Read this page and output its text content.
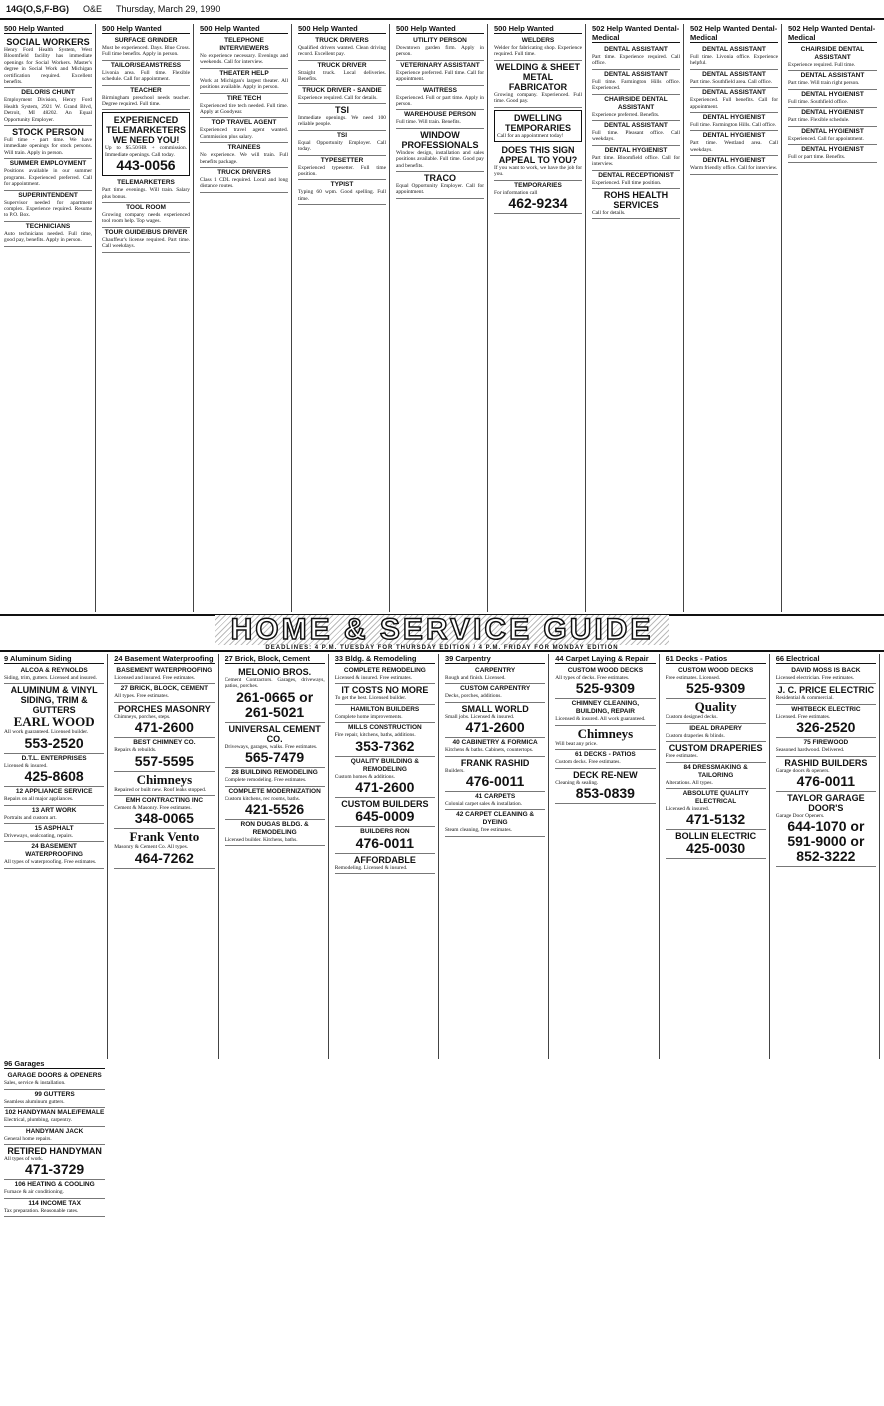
14G(O,S,F-BG) O&E Thursday, March 29, 1990
500 Help Wanted
SOCIAL WORKERS
Henry Ford Health System, West Bloomfield facility has immediate openings for Social Workers. Master's degree in Social Work and Michigan certification required. Excellent benefits.
DELORIS CHUNT
Employment Division, Henry Ford Health System, 2921 W. Grand Blvd, Detroit, MI 48202. An Equal Opportunity Employer.
STOCK PERSON
Full time - part time. We have immediate openings for stock persons. Will train. Apply in person.
SUMMER EMPLOYMENT
Positions available in our summer programs. Experienced preferred. Call for appointment.
SUPERINTENDENT
Supervisor needed for apartment complex. Experience required. Resume to P.O. Box.
TECHNICIANS
Auto technicians needed. Full time, good pay, benefits. Apply in person.
500 Help Wanted
SURFACE GRINDER
Must be experienced. Days. Blue Cross. Full time benefits. Apply in person.
TAILOR/SEAMSTRESS
Livonia area. Full time. Flexible schedule. Call for appointment.
TEACHER
Birmingham preschool needs teacher. Degree required. Full time.
EXPERIENCED TELEMARKETERS WE NEED YOU!
Up to $5.50/HR + commission. Immediate openings. Call today.
443-0056
TELEMARKETERS
Part time evenings. Will train. Salary plus bonus.
TOOL ROOM
Growing company needs experienced tool room help. Top wages.
TOUR GUIDE/BUS DRIVER
Chauffeur's license required. Part time. Call weekdays.
500 Help Wanted
TELEPHONE INTERVIEWERS
No experience necessary. Evenings and weekends. Call for interview.
THEATER HELP
Work at Michigan's largest theater. All positions available. Apply in person.
TIRE TECH
Experienced tire tech needed. Full time. Apply at Goodyear.
TOP TRAVEL AGENT
Experienced travel agent wanted. Commission plus salary.
TRAINEES
No experience. We will train. Full benefits package.
TRUCK DRIVERS
Class 1 CDL required. Local and long distance routes.
500 Help Wanted
TRUCK DRIVERS
Qualified drivers wanted. Clean driving record. Excellent pay.
TRUCK DRIVER
Straight truck. Local deliveries. Benefits.
TRUCK DRIVER - SANDIE
Experience required. Call for details.
TSI
Immediate openings. We need 100 reliable people.
TSI
Equal Opportunity Employer. Call today.
TYPESETTER
Experienced typesetter. Full time position.
TYPIST
Typing 60 wpm. Good spelling. Full time.
500 Help Wanted
UTILITY PERSON
Downtown garden firm. Apply in person.
VETERINARY ASSISTANT
Experience preferred. Full time. Call for appointment.
WAITRESS
Experienced. Full or part time. Apply in person.
WAREHOUSE PERSON
Full time. Will train. Benefits.
WINDOW PROFESSIONALS
Window design, installation and sales positions available. Full time. Good pay and benefits.
TRACO
Equal Opportunity Employer. Call for appointment.
500 Help Wanted
WELDERS
Welder for fabricating shop. Experience required. Full time.
WELDING & SHEET METAL FABRICATOR
Growing company. Experienced. Full time. Good pay.
DWELLING TEMPORARIES
Call for an appointment today!
DOES THIS SIGN APPEAL TO YOU?
If you want to work, we have the job for you.
TEMPORARIES
For information call
462-9234
502 Help Wanted Dental-Medical
DENTAL ASSISTANT
Part time. Experience required. Call office.
DENTAL ASSISTANT
Full time. Farmington Hills office. Experienced.
CHAIRSIDE DENTAL ASSISTANT
Experience preferred. Benefits.
DENTAL ASSISTANT
Full time. Pleasant office. Call weekdays.
DENTAL HYGIENIST
Part time. Bloomfield office. Call for interview.
DENTAL RECEPTIONIST
Experienced. Full time position.
ROHS HEALTH SERVICES
Call for details.
502 Help Wanted Dental-Medical
DENTAL ASSISTANT
Full time. Livonia office. Experience helpful.
DENTAL ASSISTANT
Part time. Southfield area. Call office.
DENTAL ASSISTANT
Experienced. Full benefits. Call for appointment.
DENTAL HYGIENIST
Full time. Farmington Hills. Call office.
DENTAL HYGIENIST
Part time. Westland area. Call weekdays.
DENTAL HYGIENIST
Warm friendly office. Call for interview.
502 Help Wanted Dental-Medical
CHAIRSIDE DENTAL ASSISTANT
Experience required. Full time.
DENTAL ASSISTANT
Part time. Will train right person.
DENTAL HYGIENIST
Full time. Southfield office.
DENTAL HYGIENIST
Part time. Flexible schedule.
DENTAL HYGIENIST
Experienced. Call for appointment.
DENTAL HYGIENIST
Full or part time. Benefits.
HOME & SERVICE GUIDE
DEADLINES: 4 P.M. TUESDAY FOR THURSDAY EDITION / 4 P.M. FRIDAY FOR MONDAY EDITION
9 Aluminum Siding
ALCOA & REYNOLDS
Siding, trim, gutters. Licensed and insured.
ALUMINUM & VINYL SIDING, TRIM & GUTTERS
EARL WOOD
All work guaranteed. Licensed builder.
553-2520
D.T.L. ENTERPRISES
Licensed & insured.
425-8608
12 APPLIANCE SERVICE
Repairs on all major appliances.
13 ART WORK
Portraits and custom art.
15 ASPHALT
Driveways, sealcoating, repairs.
24 BASEMENT WATERPROOFING
All types of waterproofing. Free estimates.
24 Basement Waterproofing
BASEMENT WATERPROOFING
Licensed and insured. Free estimates.
27 BRICK, BLOCK, CEMENT
All types. Free estimates.
PORCHES MASONRY
Chimneys, porches, steps.
471-2600
BEST CHIMNEY CO.
Repairs & rebuilds.
557-5595
Chimneys
Repaired or built new. Roof leaks stopped.
EMH CONTRACTING INC
Cement & Masonry. Free estimates.
348-0065
Frank Vento
Masonry & Cement Co. All types.
464-7262
27 Brick, Block, Cement
MELONIO BROS.
Cement Contractors. Garages, driveways, patios, porches.
261-0665 or 261-5021
UNIVERSAL CEMENT CO.
Driveways, garages, walks. Free estimates.
565-7479
28 BUILDING REMODELING
Complete remodeling. Free estimates.
COMPLETE MODERNIZATION
Custom kitchens, rec rooms, baths.
421-5526
RON DUGAS BLDG. & REMODELING
Licensed builder. Kitchens, baths.
33 Bldg. & Remodeling
COMPLETE REMODELING
Licensed & insured. Free estimates.
IT COSTS NO MORE
To get the best. Licensed builder.
HAMILTON BUILDERS
Complete home improvements.
MILLS CONSTRUCTION
Fire repair, kitchens, baths, additions.
353-7362
QUALITY BUILDING & REMODELING
Custom homes & additions.
471-2600
CUSTOM BUILDERS
645-0009
BUILDERS RON
476-0011
AFFORDABLE
Remodeling. Licensed & insured.
39 Carpentry
CARPENTRY
Rough and finish. Licensed.
CUSTOM CARPENTRY
Decks, porches, additions.
SMALL WORLD
Small jobs. Licensed & insured.
471-2600
40 CABINETRY & FORMICA
Kitchens & baths. Cabinets, countertops.
FRANK RASHID
Builders.
476-0011
41 CARPETS
Colonial carpet sales & installation.
42 CARPET CLEANING & DYEING
Steam cleaning, free estimates.
44 Carpet Laying & Repair
CUSTOM WOOD DECKS
All types of decks. Free estimates.
525-9309
CHIMNEY CLEANING, BUILDING, REPAIR
Licensed & insured. All work guaranteed.
Chimneys
Will beat any price.
61 DECKS - PATIOS
Custom decks. Free estimates.
DECK RE-NEW
Cleaning & sealing.
853-0839
61 Decks - Patios
CUSTOM WOOD DECKS
Free estimates. Licensed.
525-9309
Quality
Custom designed decks.
IDEAL DRAPERY
Custom draperies & blinds.
CUSTOM DRAPERIES
Free estimates.
84 DRESSMAKING & TAILORING
Alterations. All types.
ABSOLUTE QUALITY ELECTRICAL
Licensed & insured.
471-5132
BOLLIN ELECTRIC
425-0030
66 Electrical
DAVID MOSS IS BACK
Licensed electrician. Free estimates.
J. C. PRICE ELECTRIC
Residential & commercial.
WHITBECK ELECTRIC
Licensed. Free estimates.
326-2520
75 FIREWOOD
Seasoned hardwood. Delivered.
RASHID BUILDERS
Garage doors & openers.
476-0011
TAYLOR GARAGE DOOR'S
Garage Door Openers.
644-1070 or 591-9000 or 852-3222
96 Garages
GARAGE DOORS & OPENERS
Sales, service & installation.
99 GUTTERS
Seamless aluminum gutters.
102 HANDYMAN MALE/FEMALE
Electrical, plumbing, carpentry.
HANDYMAN JACK
General home repairs.
RETIRED HANDYMAN
All types of work.
471-3729
106 HEATING & COOLING
Furnace & air conditioning.
114 INCOME TAX
Tax preparation. Reasonable rates.
